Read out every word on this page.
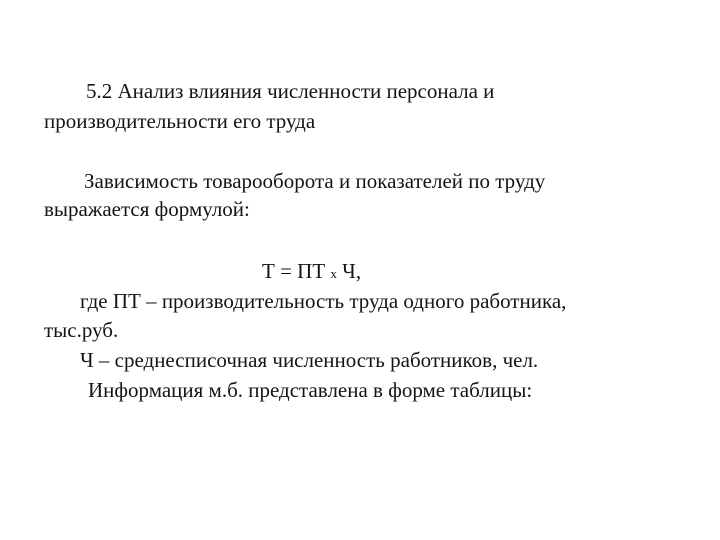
5.2 Анализ влияния численности персонала и
производительности его труда
Зависимость товарооборота и показателей по труду
выражается формулой:
Т = ПТ х Ч,
где ПТ – производительность труда одного работника,
тыс.руб.
Ч – среднесписочная численность работников, чел.
Информация м.б. представлена в форме таблицы:
